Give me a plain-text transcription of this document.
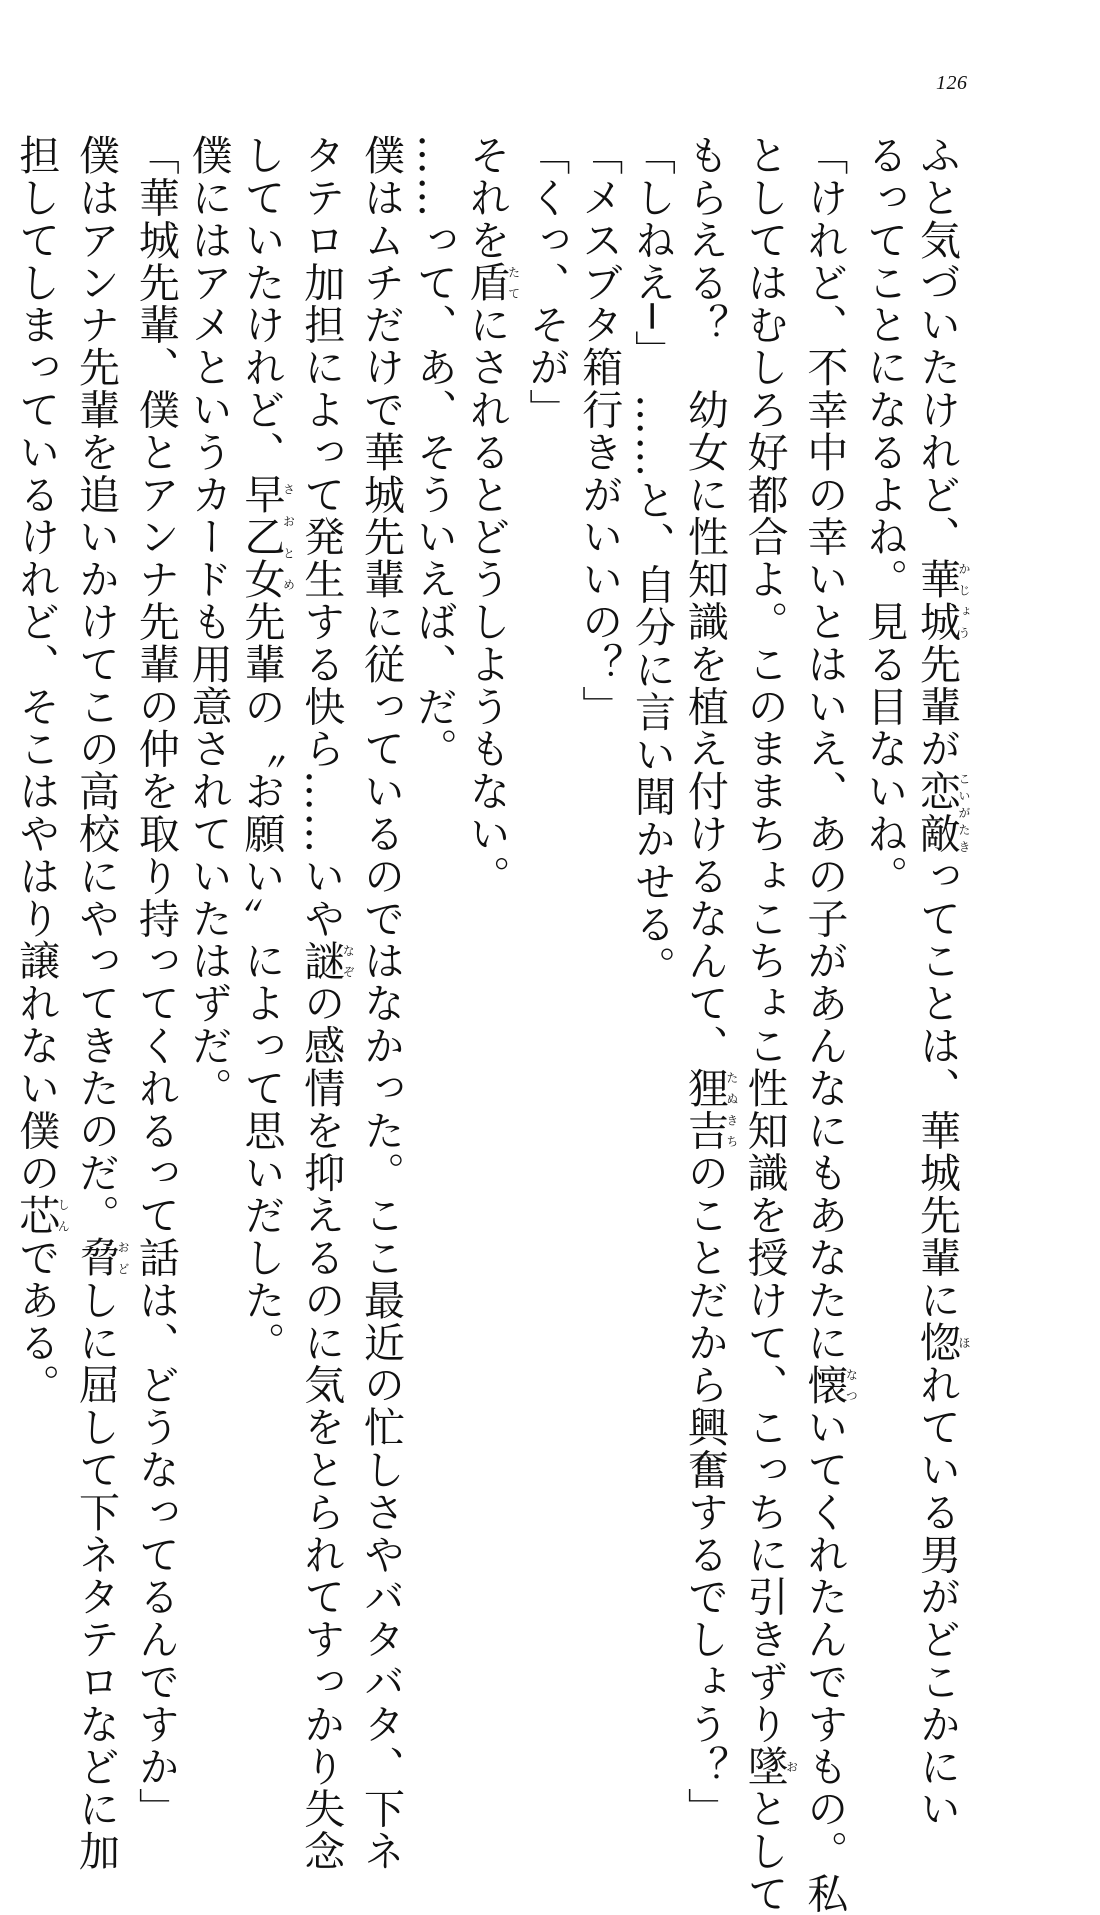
126
ふと気づいたけれど、華城かじょう先輩が恋敵こいがたきってことは、華城先輩に惚ほれている男がどこかにい
るってことになるよね。見る目ないね。
「けれど、不幸中の幸いとはいえ、あの子があんなにもあなたに懐なついてくれたんですもの。私
としてはむしろ好都合よ。このままちょこちょこ性知識を授けて、こっちに引きずり墜おとして
もらえる？　幼女に性知識を植え付けるなんて、狸吉たぬきちのことだから興奮するでしょう？」
「しねえ─」　……と、自分に言い聞かせる。
「メスブタ箱行きがいいの？」
「くっ、そが」
それを盾たてにされるとどうしようもない。
……って、あ、そういえば、だ。
僕はムチだけで華城先輩に従っているのではなかった。ここ最近の忙しさやバタバタ、下ネ
タテロ加担によって発生する快ら……いや謎なぞの感情を抑えるのに気をとられてすっかり失念
していたけれど、早乙女さおとめ先輩の〝お願い〟によって思いだした。
僕にはアメというカードも用意されていたはずだ。
「華城先輩、僕とアンナ先輩の仲を取り持ってくれるって話は、どうなってるんですか」
僕はアンナ先輩を追いかけてこの高校にやってきたのだ。脅おどしに屈して下ネタテロなどに加
担してしまっているけれど、そこはやはり譲れない僕の芯しんである。
